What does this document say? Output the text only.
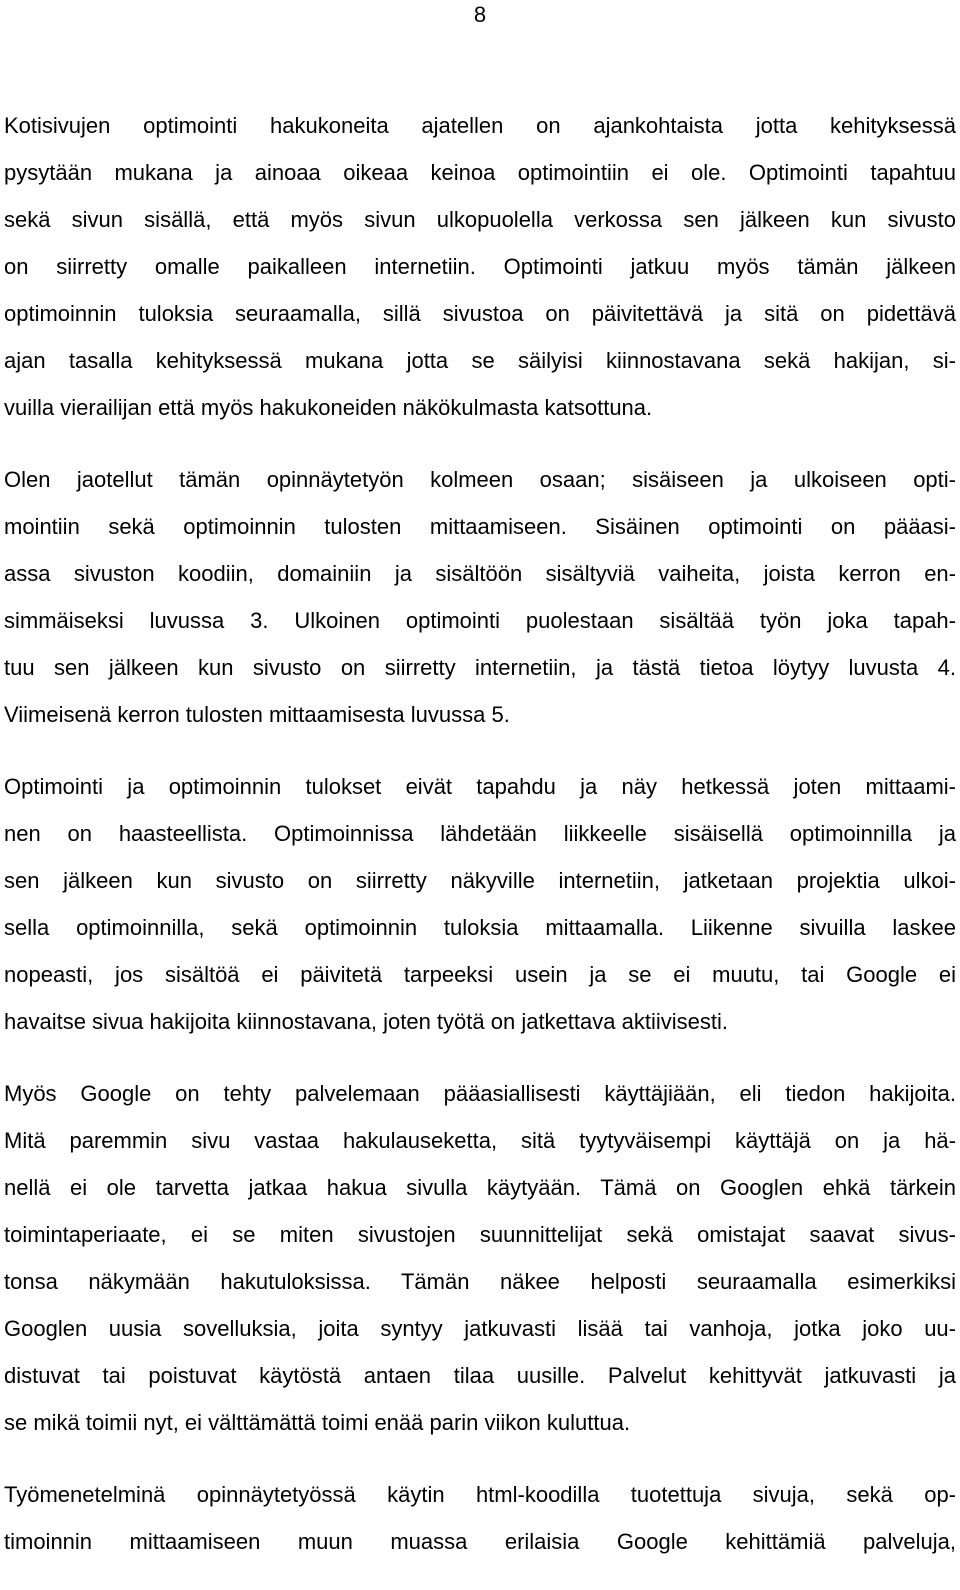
8
Kotisivujen optimointi hakukoneita ajatellen on ajankohtaista jotta kehityksessä
pysytään mukana ja ainoaa oikeaa keinoa optimointiin ei ole. Optimointi tapahtuu
sekä sivun sisällä, että myös sivun ulkopuolella verkossa sen jälkeen kun sivusto
on siirretty omalle paikalleen internetiin. Optimointi jatkuu myös tämän jälkeen
optimoinnin tuloksia seuraamalla, sillä sivustoa on päivitettävä ja sitä on pidettävä
ajan tasalla kehityksessä mukana jotta se säilyisi kiinnostavana sekä hakijan, si-
vuilla vierailijan että myös hakukoneiden näkökulmasta katsottuna.
Olen jaotellut tämän opinnäytetyön kolmeen osaan; sisäiseen ja ulkoiseen opti-
mointiin sekä optimoinnin tulosten mittaamiseen. Sisäinen optimointi on pääasi-
assa sivuston koodiin, domainiin ja sisältöön sisältyviä vaiheita, joista kerron en-
simmäiseksi luvussa 3. Ulkoinen optimointi puolestaan sisältää työn joka tapah-
tuu sen jälkeen kun sivusto on siirretty internetiin, ja tästä tietoa löytyy luvusta 4.
Viimeisenä kerron tulosten mittaamisesta luvussa 5.
Optimointi ja optimoinnin tulokset eivät tapahdu ja näy hetkessä joten mittaami-
nen on haasteellista. Optimoinnissa lähdetään liikkeelle sisäisellä optimoinnilla ja
sen jälkeen kun sivusto on siirretty näkyville internetiin, jatketaan projektia ulkoi-
sella optimoinnilla, sekä optimoinnin tuloksia mittaamalla. Liikenne sivuilla laskee
nopeasti, jos sisältöä ei päivitetä tarpeeksi usein ja se ei muutu, tai Google ei
havaitse sivua hakijoita kiinnostavana, joten työtä on jatkettava aktiivisesti.
Myös Google on tehty palvelemaan pääasiallisesti käyttäjiään, eli tiedon hakijoita.
Mitä paremmin sivu vastaa hakulauseketta, sitä tyytyväisempi käyttäjä on ja hä-
nellä ei ole tarvetta jatkaa hakua sivulla käytyään. Tämä on Googlen ehkä tärkein
toimintaperiaate, ei se miten sivustojen suunnittelijat sekä omistajat saavat sivus-
tonsa näkymään hakutuloksissa. Tämän näkee helposti seuraamalla esimerkiksi
Googlen uusia sovelluksia, joita syntyy jatkuvasti lisää tai vanhoja, jotka joko uu-
distuvat tai poistuvat käytöstä antaen tilaa uusille. Palvelut kehittyvät jatkuvasti ja
se mikä toimii nyt, ei välttämättä toimi enää parin viikon kuluttua.
Työmenetelminä opinnäytetyössä käytin html-koodilla tuotettuja sivuja, sekä op-
timoinnin mittaamiseen muun muassa erilaisia Google kehittämiä palveluja,
